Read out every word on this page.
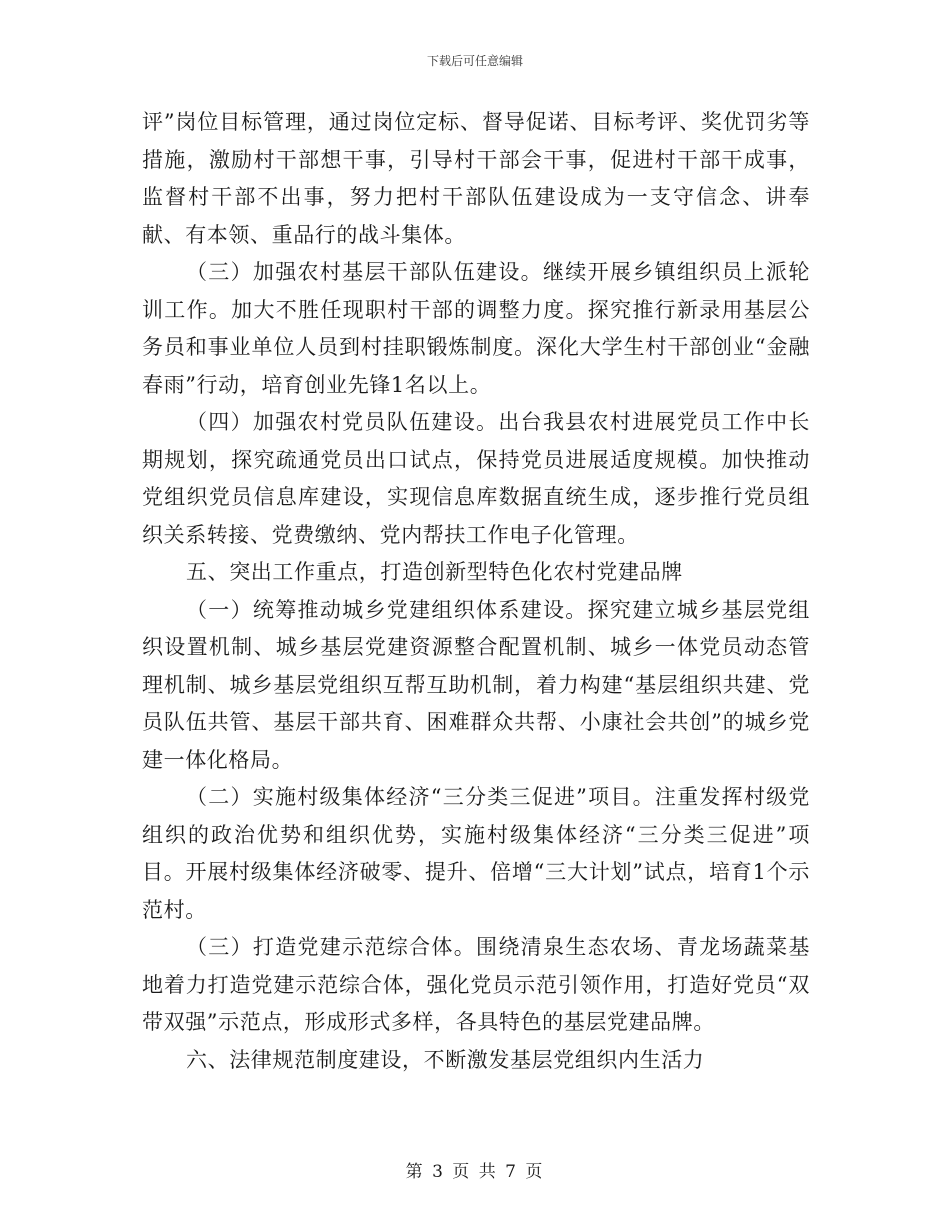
下载后可任意编辑

评”岗位目标管理，通过岗位定标、督导促诺、目标考评、奖优罚劣等措施，激励村干部想干事，引导村干部会干事，促进村干部干成事，监督村干部不出事，努力把村干部队伍建设成为一支守信念、讲奉献、有本领、重品行的战斗集体。

（三）加强农村基层干部队伍建设。继续开展乡镇组织员上派轮训工作。加大不胜任现职村干部的调整力度。探究推行新录用基层公务员和事业单位人员到村挂职锻炼制度。深化大学生村干部创业“金融春雨”行动，培育创业先锋1名以上。

（四）加强农村党员队伍建设。出台我县农村进展党员工作中长期规划，探究疏通党员出口试点，保持党员进展适度规模。加快推动党组织党员信息库建设，实现信息库数据直统生成，逐步推行党员组织关系转接、党费缴纳、党内帮扶工作电子化管理。

五、突出工作重点，打造创新型特色化农村党建品牌

（一）统筹推动城乡党建组织体系建设。探究建立城乡基层党组织设置机制、城乡基层党建资源整合配置机制、城乡一体党员动态管理机制、城乡基层党组织互帮互助机制，着力构建“基层组织共建、党员队伍共管、基层干部共育、困难群众共帮、小康社会共创”的城乡党建一体化格局。

（二）实施村级集体经济“三分类三促进”项目。注重发挥村级党组织的政治优势和组织优势，实施村级集体经济“三分类三促进”项目。开展村级集体经济破零、提升、倍增“三大计划”试点，培育1个示范村。

（三）打造党建示范综合体。围绕清泉生态农场、青龙场蔬菜基地着力打造党建示范综合体，强化党员示范引领作用，打造好党员“双带双强”示范点，形成形式多样，各具特色的基层党建品牌。

六、法律规范制度建设，不断激发基层党组织内生活力

第 3 页 共 7 页
